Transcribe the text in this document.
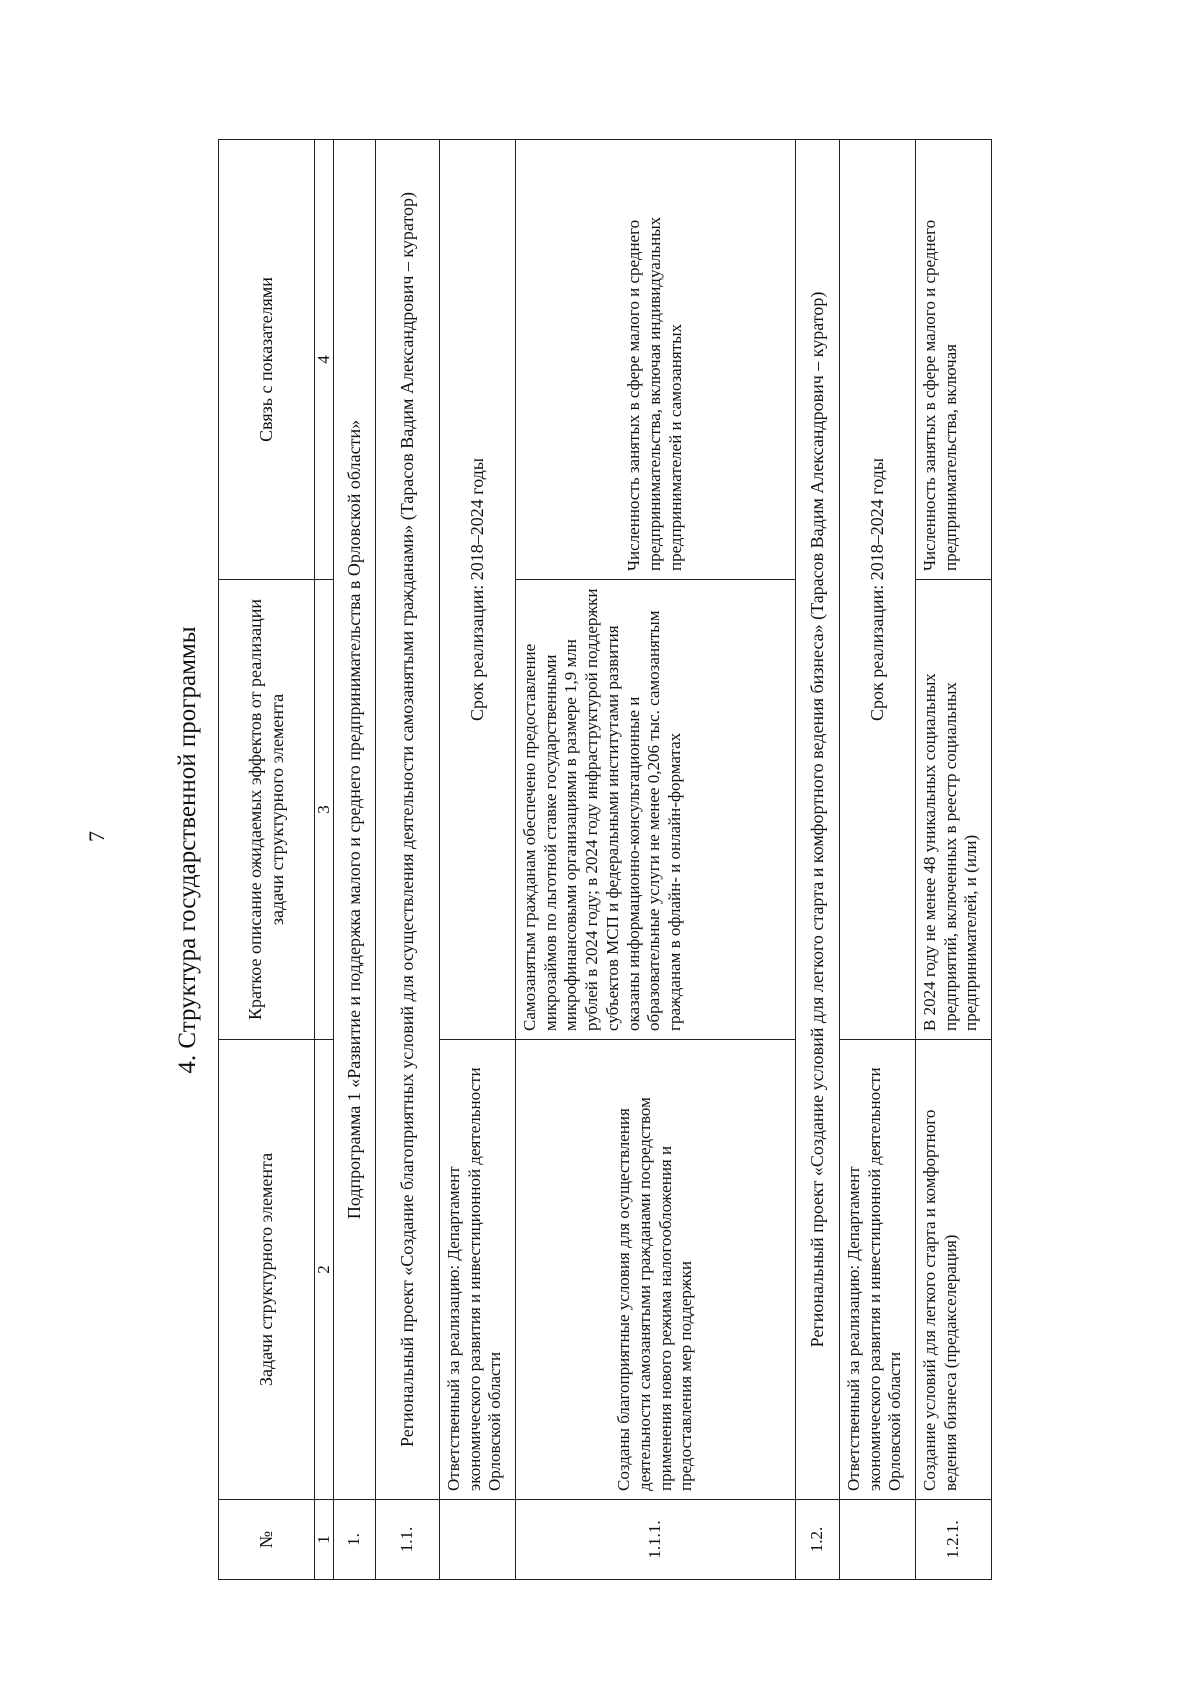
7	4. Структура государственной программы
№	Задачи структурного элемента	Краткое описание ожидаемых эффектов от реализации задачи структурного элемента	Связь с показателями
1	2	3	4
1.	Подпрограмма 1 «Развитие и поддержка малого и среднего предпринимательства в Орловской области»		
1.1.	Региональный проект «Создание благоприятных условий для осуществления деятельности самозанятыми гражданами» (Тарасов Вадим Александрович – куратор)		
	Ответственный за реализацию: Департамент экономического развития и инвестиционной деятельности Орловской области	Срок реализации: 2018–2024 годы	
1.1.1.	Созданы благоприятные условия для осуществления деятельности самозанятыми гражданами посредством применения нового режима налогообложения и предоставления мер поддержки	Самозанятым гражданам обеспечено предоставление микрозаймов по льготной ставке государственными микрофинансовыми организациями в размере 1,9 млн рублей в 2024 году; в 2024 году инфраструктурой поддержки субъектов МСП и федеральными институтами развития оказаны информационно-консультационные и образовательные услуги не менее 0,206 тыс. самозанятым гражданам в офлайн- и онлайн-форматах	Численность занятых в сфере малого и среднего предпринимательства, включая индивидуальных предпринимателей и самозанятых
1.2.	Региональный проект «Создание условий для легкого старта и комфортного ведения бизнеса» (Тарасов Вадим Александрович – куратор)		
	Ответственный за реализацию: Департамент экономического развития и инвестиционной деятельности Орловской области	Срок реализации: 2018–2024 годы	
1.2.1.	Создание условий для легкого старта и комфортного ведения бизнеса (предакселерация)	В 2024 году не менее 48 уникальных социальных предприятий, включенных в реестр социальных предпринимателей, и (или)	Численность занятых в сфере малого и среднего предпринимательства, включая
